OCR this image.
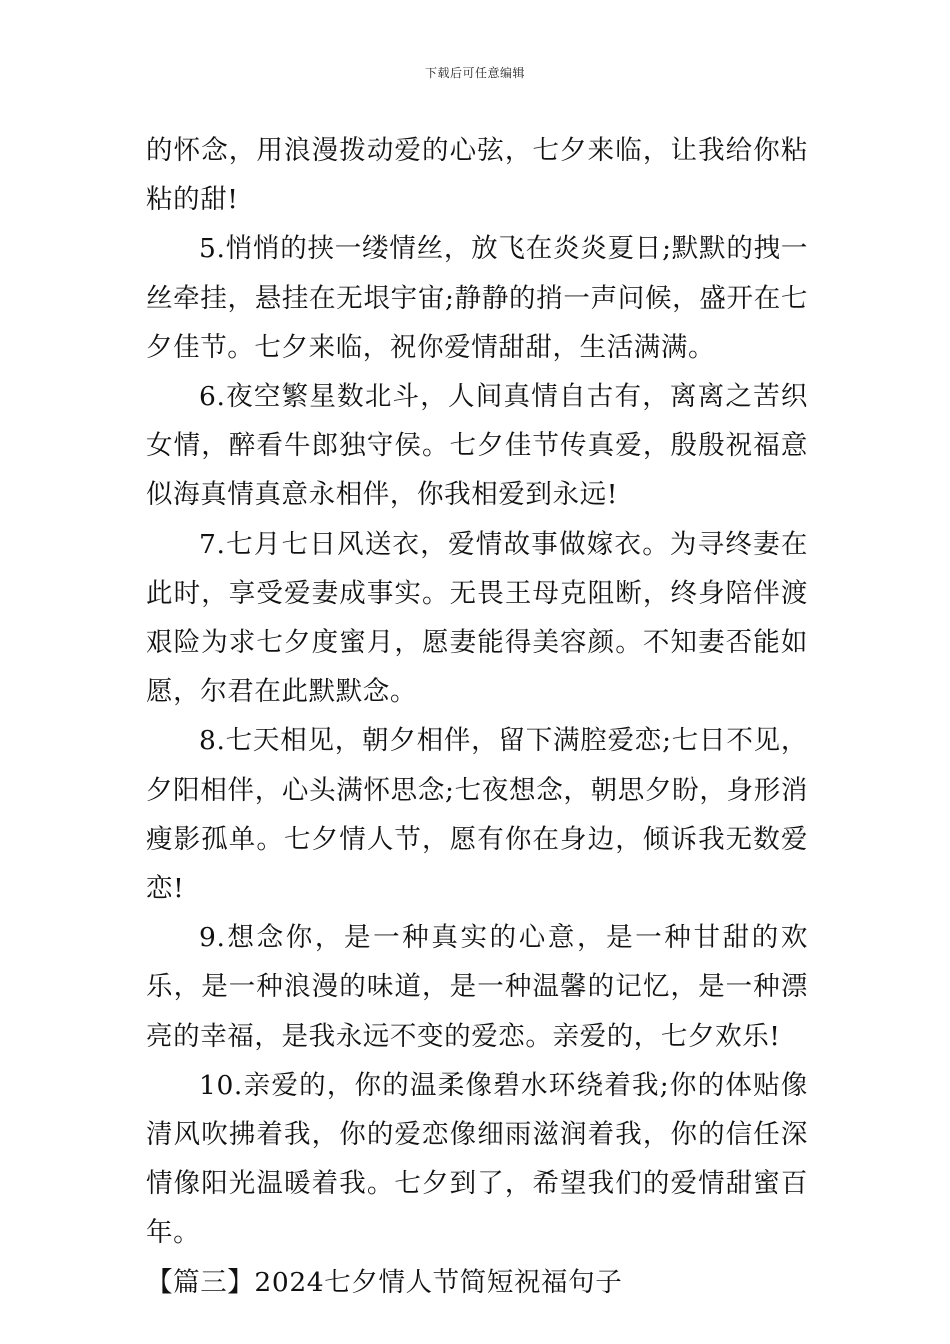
下载后可任意编辑

的怀念，用浪漫拨动爱的心弦，七夕来临，让我给你粘粘的甜!

5.悄悄的挟一缕情丝，放飞在炎炎夏日;默默的拽一丝牵挂，悬挂在无垠宇宙;静静的捎一声问候，盛开在七夕佳节。七夕来临，祝你爱情甜甜，生活满满。

6.夜空繁星数北斗，人间真情自古有，离离之苦织女情，醉看牛郎独守侯。七夕佳节传真爱，殷殷祝福意似海真情真意永相伴，你我相爱到永远!

7.七月七日风送衣，爱情故事做嫁衣。为寻终妻在此时，享受爱妻成事实。无畏王母克阻断，终身陪伴渡艰险为求七夕度蜜月，愿妻能得美容颜。不知妻否能如愿，尔君在此默默念。

8.七天相见，朝夕相伴，留下满腔爱恋;七日不见，夕阳相伴，心头满怀思念;七夜想念，朝思夕盼，身形消瘦影孤单。七夕情人节，愿有你在身边，倾诉我无数爱恋!

9.想念你，是一种真实的心意，是一种甘甜的欢乐，是一种浪漫的味道，是一种温馨的记忆，是一种漂亮的幸福，是我永远不变的爱恋。亲爱的，七夕欢乐!

10.亲爱的，你的温柔像碧水环绕着我;你的体贴像清风吹拂着我，你的爱恋像细雨滋润着我，你的信任深情像阳光温暖着我。七夕到了，希望我们的爱情甜蜜百年。

【篇三】2024七夕情人节简短祝福句子
